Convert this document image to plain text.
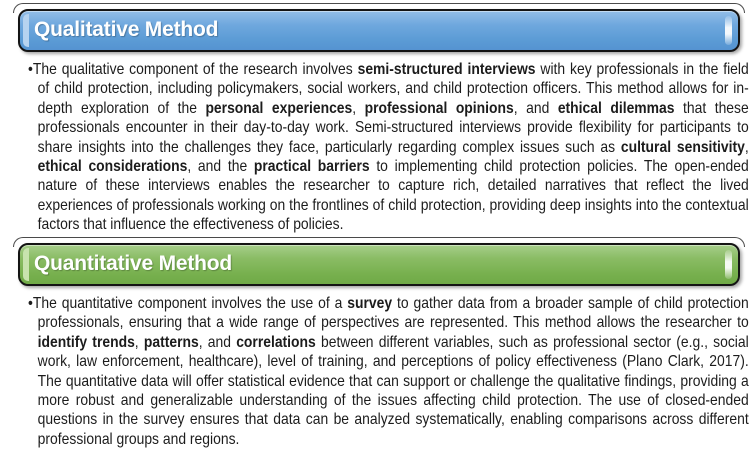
Qualitative Method
•The qualitative component of the research involves semi-structured interviews with key professionals in the field of child protection, including policymakers, social workers, and child protection officers. This method allows for in-depth exploration of the personal experiences, professional opinions, and ethical dilemmas that these professionals encounter in their day-to-day work. Semi-structured interviews provide flexibility for participants to share insights into the challenges they face, particularly regarding complex issues such as cultural sensitivity, ethical considerations, and the practical barriers to implementing child protection policies. The open-ended nature of these interviews enables the researcher to capture rich, detailed narratives that reflect the lived experiences of professionals working on the frontlines of child protection, providing deep insights into the contextual factors that influence the effectiveness of policies.
Quantitative Method
•The quantitative component involves the use of a survey to gather data from a broader sample of child protection professionals, ensuring that a wide range of perspectives are represented. This method allows the researcher to identify trends, patterns, and correlations between different variables, such as professional sector (e.g., social work, law enforcement, healthcare), level of training, and perceptions of policy effectiveness (Plano Clark, 2017). The quantitative data will offer statistical evidence that can support or challenge the qualitative findings, providing a more robust and generalizable understanding of the issues affecting child protection. The use of closed-ended questions in the survey ensures that data can be analyzed systematically, enabling comparisons across different professional groups and regions.
